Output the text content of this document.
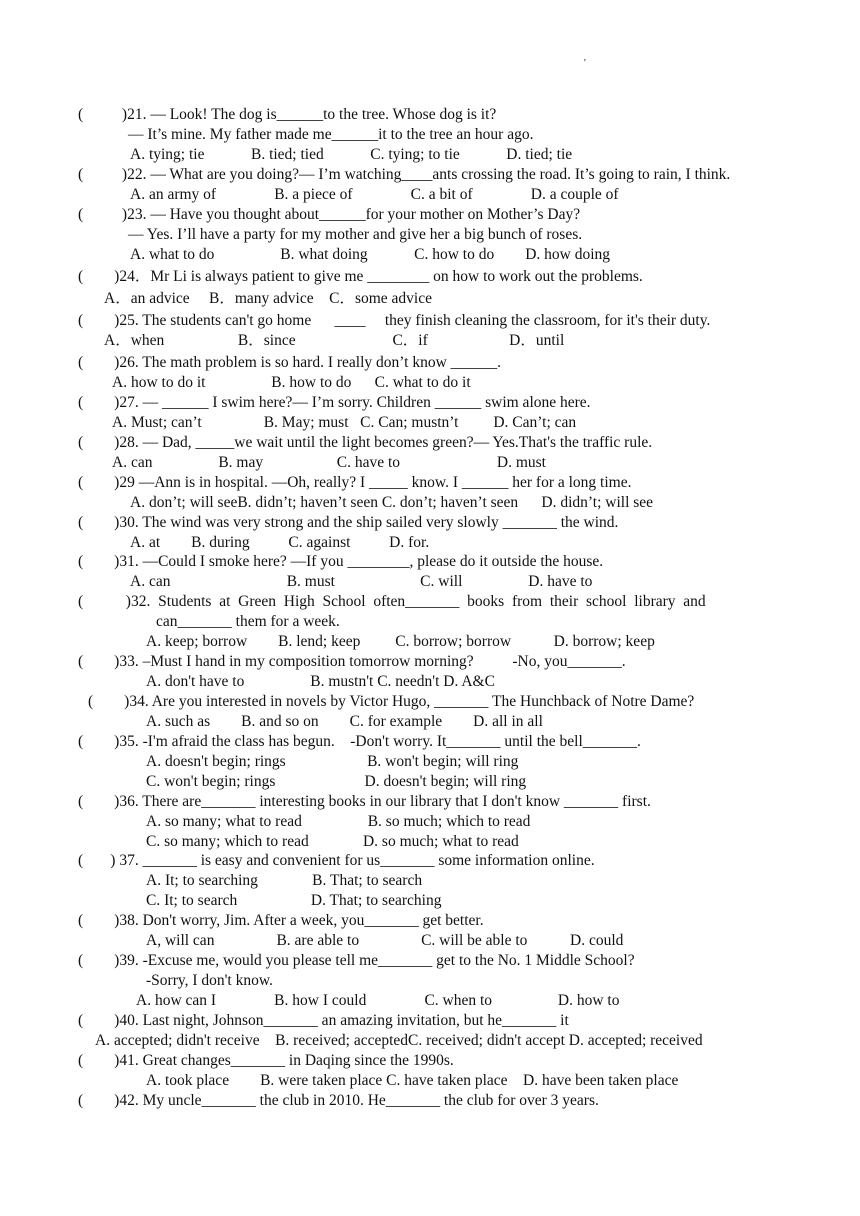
'
(          )21. — Look! The dog is______to the tree. Whose dog is it?
— It’s mine. My father made me______it to the tree an hour ago.
A. tying; tie            B. tied; tied            C. tying; to tie            D. tied; tie
(          )22. — What are you doing?— I’m watching____ants crossing the road. It’s going to rain, I think.
A. an army of               B. a piece of               C. a bit of               D. a couple of
(          )23. — Have you thought about______for your mother on Mother’s Day?
— Yes. I’ll have a party for my mother and give her a big bunch of roses.
A. what to do                 B. what doing            C. how to do        D. how doing
(        )24．Mr Li is always patient to give me ________ on how to work out the problems.
A．an advice     B．many advice    C．some advice
(        )25. The students can't go home      ____     they finish cleaning the classroom, for it's their duty.
A．when                   B．since                         C．if                     D．until
(        )26. The math problem is so hard. I really don’t know ______.
A. how to do it                 B. how to do      C. what to do it
(        )27. — ______ I swim here?— I’m sorry. Children ______ swim alone here.
A. Must; can’t                B. May; must   C. Can; mustn’t         D. Can’t; can
(        )28. — Dad, _____we wait until the light becomes green?— Yes.That's the traffic rule.
A. can                 B. may                   C. have to                         D. must
(        )29 —Ann is in hospital. —Oh, really? I _____ know. I ______ her for a long time.
A. don’t; will seeB. didn’t; haven’t seen C. don’t; haven’t seen      D. didn’t; will see
(        )30. The wind was very strong and the ship sailed very slowly _______ the wind.
A. at        B. during          C. against          D. for.
(        )31. —Could I smoke here? —If you ________, please do it outside the house.
A. can                              B. must                      C. will                 D. have to
(           )32.  Students  at  Green  High  School  often_______  books  from  their  school  library  and
can_______ them for a week.
A. keep; borrow        B. lend; keep         C. borrow; borrow           D. borrow; keep
(        )33. –Must I hand in my composition tomorrow morning?          -No, you_______.
A. don't have to                 B. mustn't C. needn't D. A&C
(        )34. Are you interested in novels by Victor Hugo, _______ The Hunchback of Notre Dame?
A. such as        B. and so on        C. for example        D. all in all
(        )35. -I'm afraid the class has begun.    -Don't worry. It_______ until the bell_______.
A. doesn't begin; rings                     B. won't begin; will ring
C. won't begin; rings                       D. doesn't begin; will ring
(        )36. There are_______ interesting books in our library that I don't know _______ first.
A. so many; what to read                 B. so much; which to read
C. so many; which to read              D. so much; what to read
(       ) 37. _______ is easy and convenient for us_______ some information online.
A. It; to searching              B. That; to search
C. It; to search                   D. That; to searching
(        )38. Don't worry, Jim. After a week, you_______ get better.
A, will can                B. are able to                C. will be able to           D. could
(        )39. -Excuse me, would you please tell me_______ get to the No. 1 Middle School?
-Sorry, I don't know.
A. how can I               B. how I could               C. when to                 D. how to
(        )40. Last night, Johnson_______ an amazing invitation, but he_______ it
A. accepted; didn't receive    B. received; acceptedC. received; didn't accept D. accepted; received
(        )41. Great changes_______ in Daqing since the 1990s.
A. took place        B. were taken place C. have taken place    D. have been taken place
(        )42. My uncle_______ the club in 2010. He_______ the club for over 3 years.
